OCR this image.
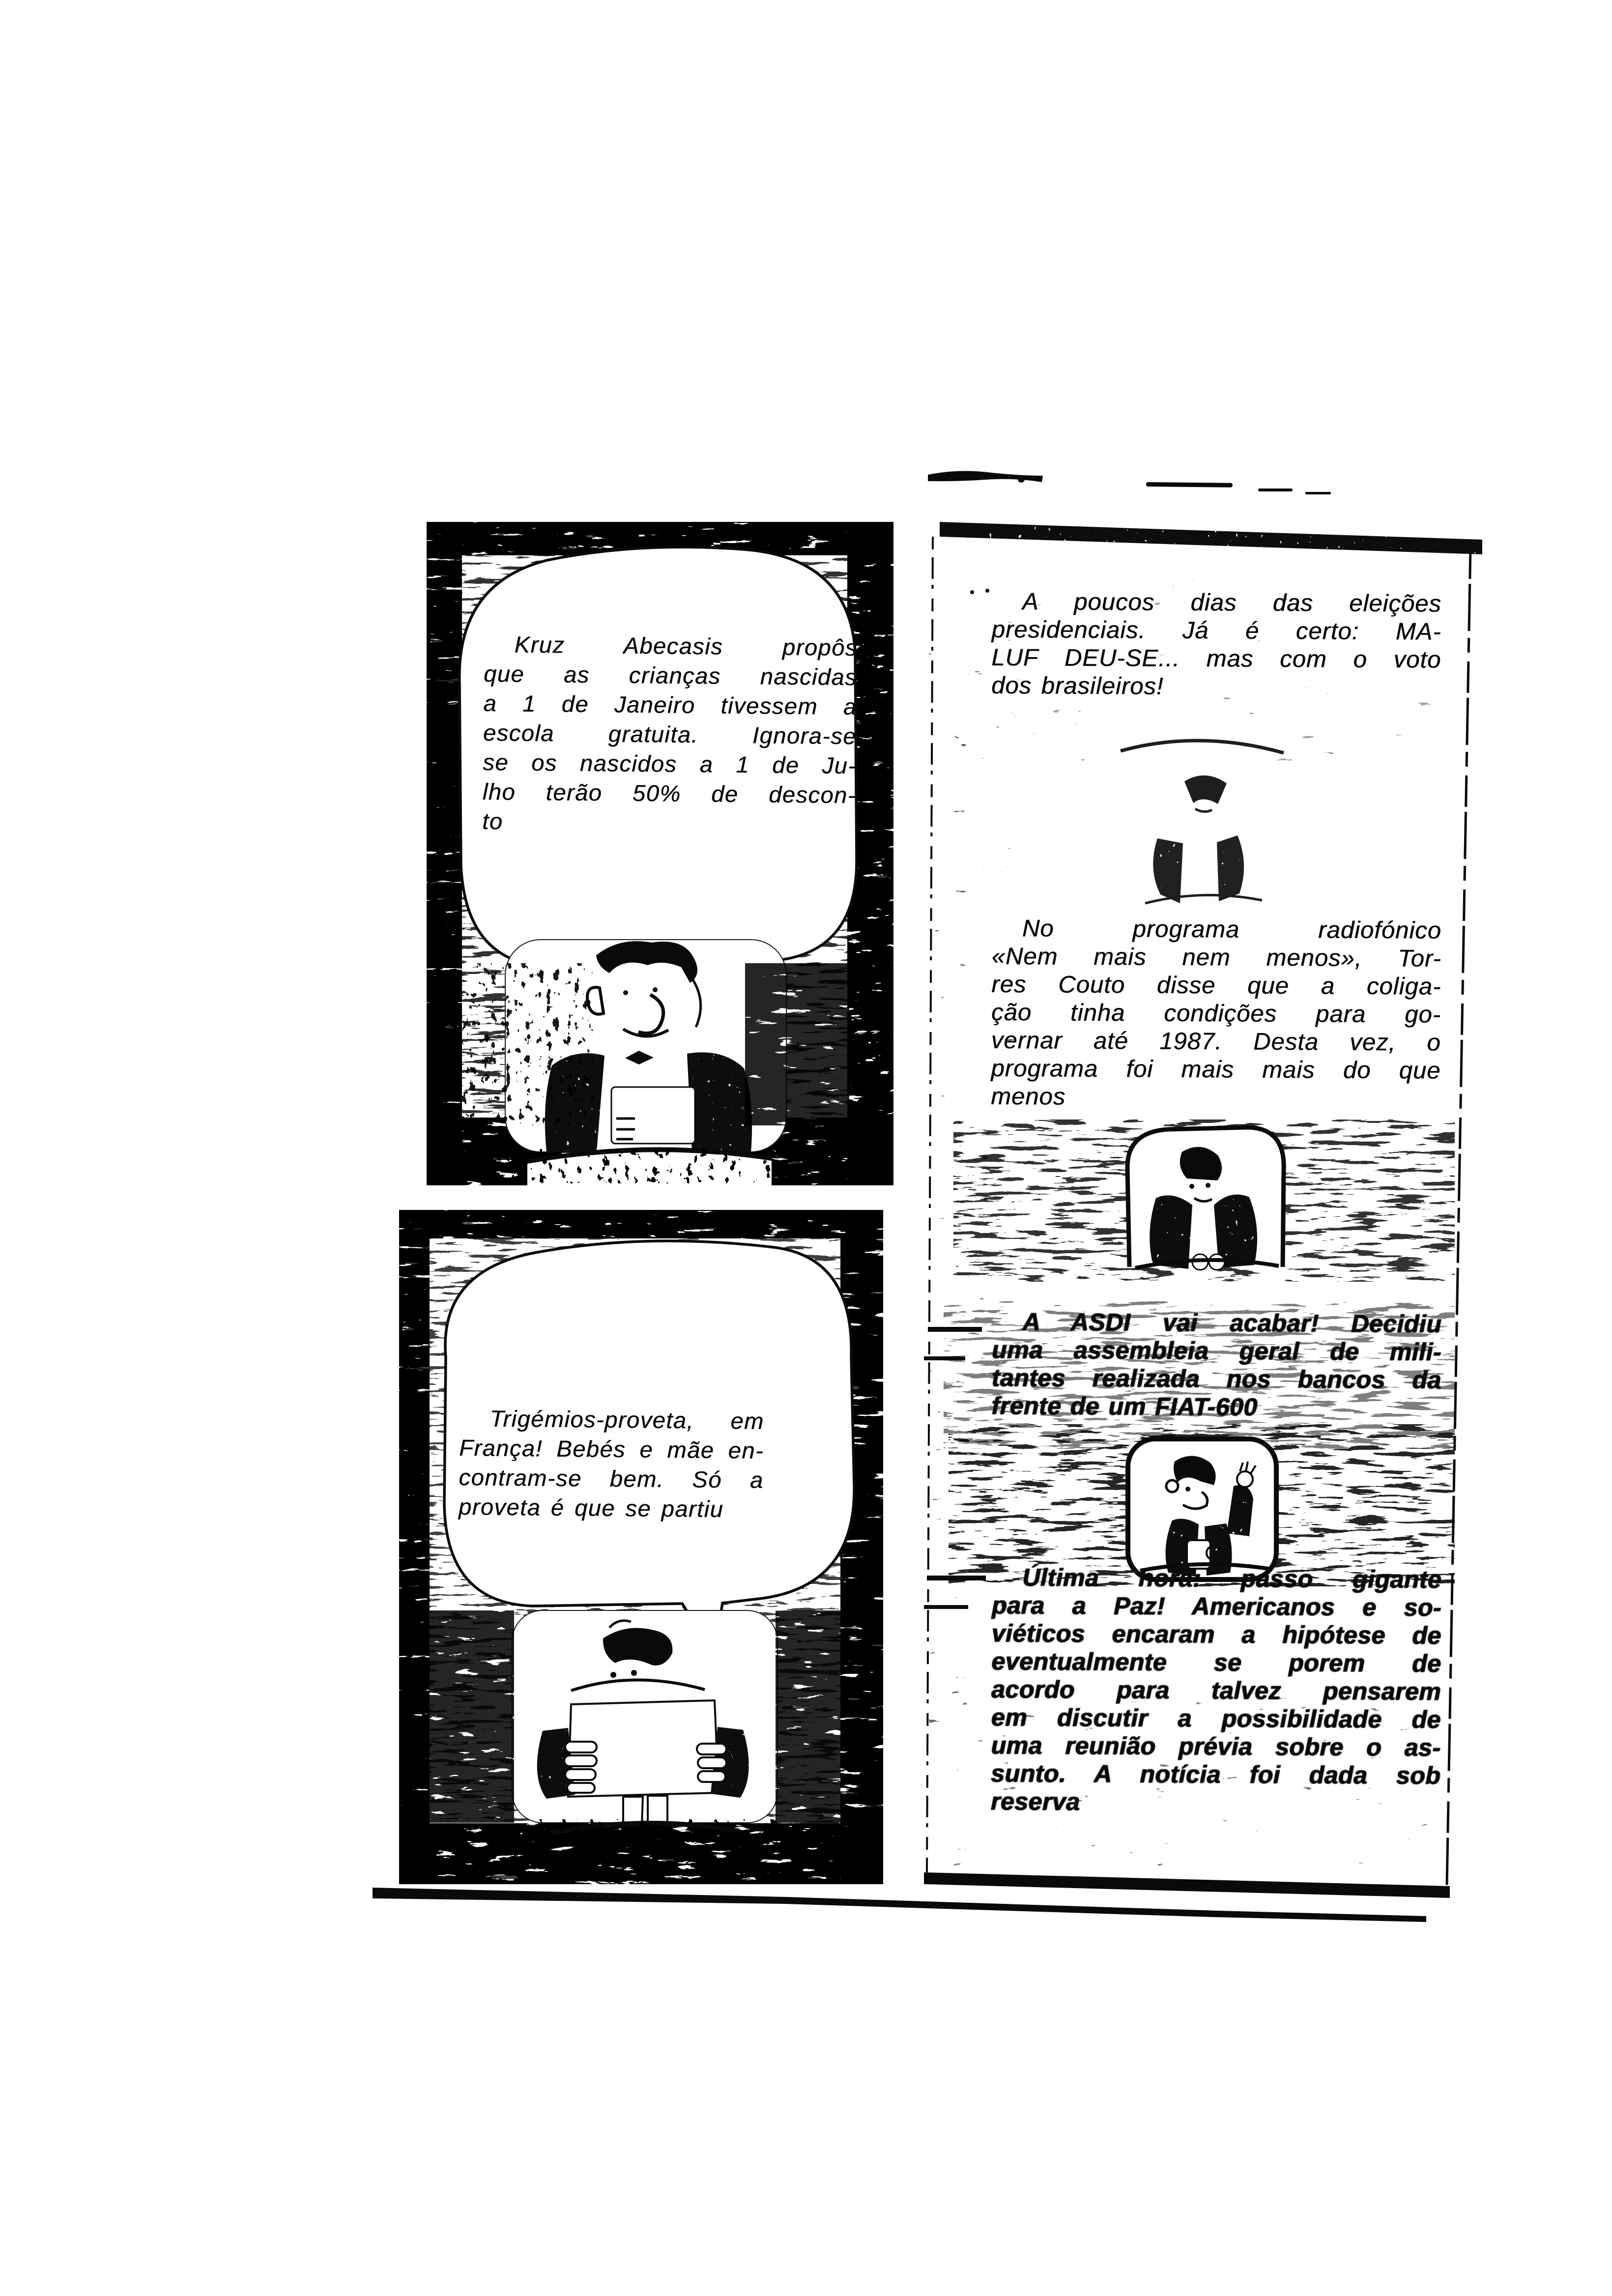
Kruz Abecasis propôs
que as crianças nascidas
a 1 de Janeiro tivessem a
escola gratuita. Ignora-se
se os nascidos a 1 de Ju-
lho terão 50% de descon-
to
Trigémios-proveta, em
França! Bebés e mãe en-
contram-se bem. Só a
proveta é que se partiu
A poucos dias das eleições
presidenciais. Já é certo: MA-
LUF DEU-SE... mas com o voto
dos brasileiros!
No programa radiofónico
«Nem mais nem menos», Tor-
res Couto disse que a coliga-
ção tinha condições para go-
vernar até 1987. Desta vez, o
programa foi mais mais do que
menos
A ASDI vai acabar! Decidiu
uma assembleia geral de mili-
tantes realizada nos bancos da
frente de um FIAT-600
Última hora: passo gigante
para a Paz! Americanos e so-
viéticos encaram a hipótese de
eventualmente se porem de
acordo para talvez pensarem
em discutir a possibilidade de
uma reunião prévia sobre o as-
sunto. A notícia foi dada sob
reserva
